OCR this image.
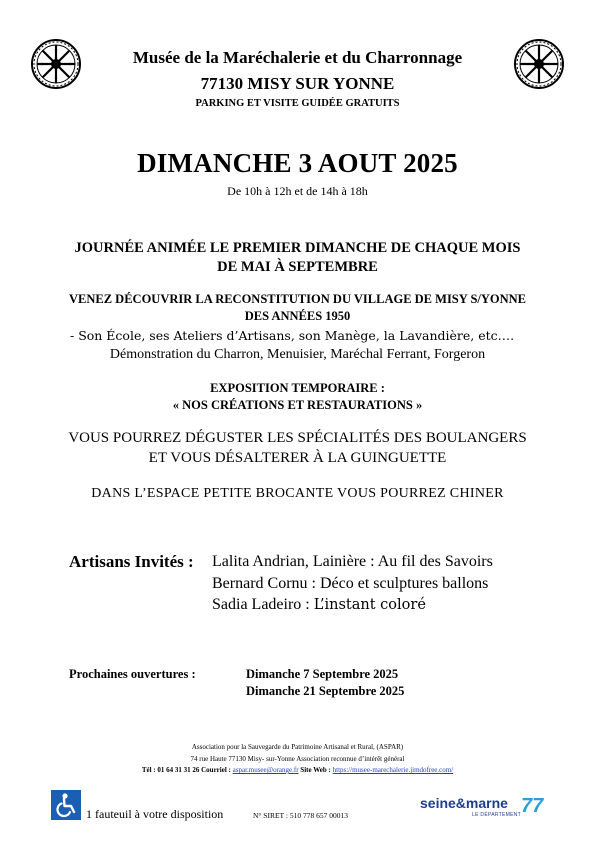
Musée de la Maréchalerie et du Charronnage
77130 MISY SUR YONNE
PARKING ET VISITE GUIDÉE GRATUITS
DIMANCHE 3 AOUT 2025
De 10h à 12h et de 14h à 18h
JOURNÉE ANIMÉE LE PREMIER DIMANCHE DE CHAQUE MOIS
DE MAI À SEPTEMBRE
VENEZ DÉCOUVRIR LA RECONSTITUTION DU VILLAGE DE MISY S/YONNE
DES ANNÉES 1950
- Son École, ses Ateliers d’Artisans, son Manège, la Lavandière, etc….
Démonstration du Charron, Menuisier, Maréchal Ferrant, Forgeron
EXPOSITION TEMPORAIRE :
« NOS CRÉATIONS ET RESTAURATIONS »
VOUS POURREZ DÉGUSTER LES SPÉCIALITÉS DES BOULANGERS
ET VOUS DÉSALTERER À LA GUINGUETTE
DANS L’ESPACE PETITE BROCANTE VOUS POURREZ CHINER
Artisans Invités : Lalita Andrian, Lainière : Au fil des Savoirs
Bernard Cornu : Déco et sculptures ballons
Sadia Ladeiro : L’instant coloré
Prochaines ouvertures :	Dimanche 7 Septembre 2025
Dimanche 21 Septembre 2025
Association pour la Sauvegarde du Patrimoine Artisanal et Rural, (ASPAR)
74 rue Haute 77130 Misy- sur-Yonne Association reconnue d’intérêt général
Tél : 01 64 31 31 26 Courriel : aspar.musee@orange.fr Site Web : https://musee-marechalerie.jimdofree.com/
1 fauteuil à votre disposition	N° SIRET : 510 778 657 00013
seine&marne
LE DÉPARTEMENT 77
